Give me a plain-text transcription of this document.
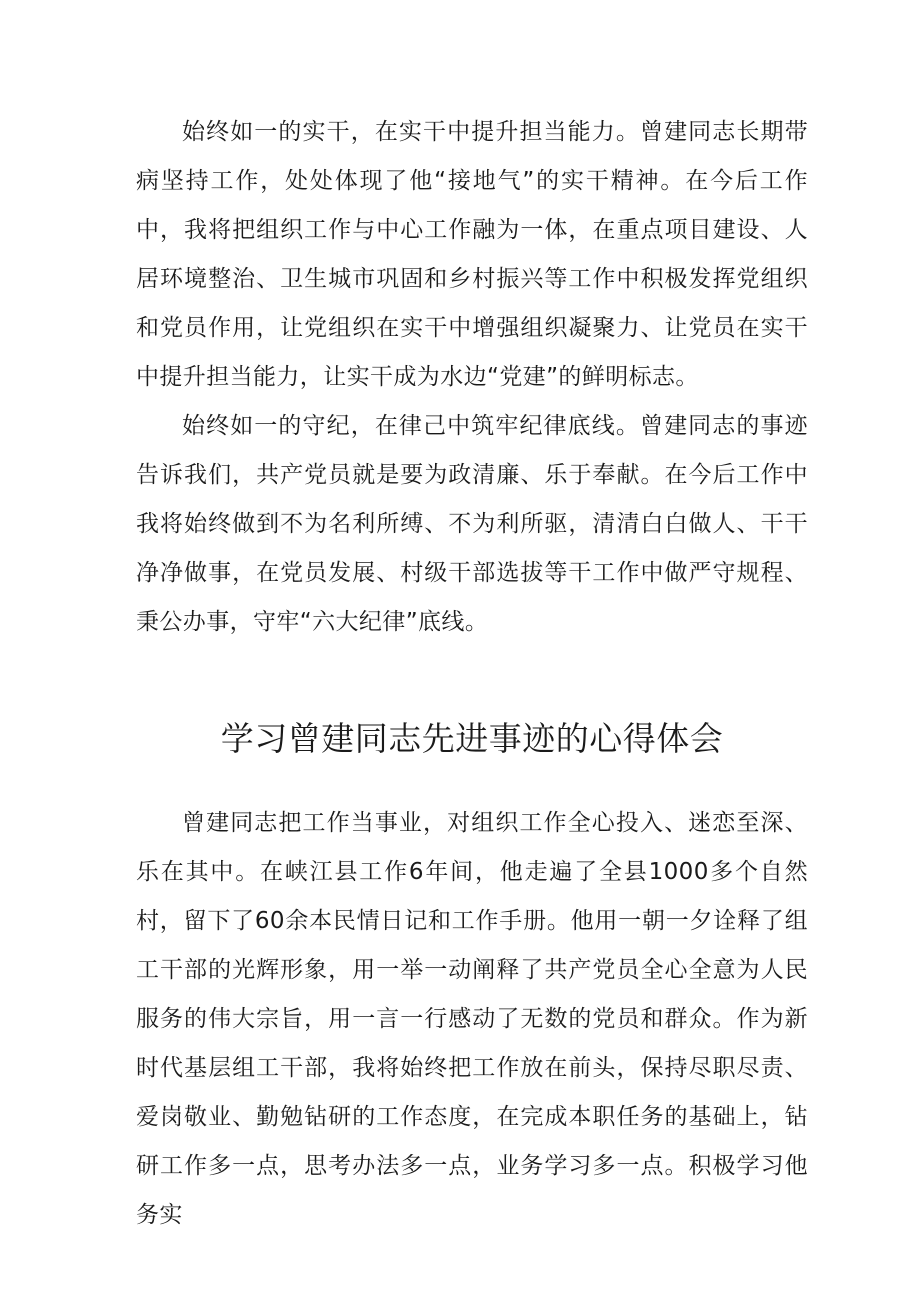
始终如一的实干，在实干中提升担当能力。曾建同志长期带病坚持工作，处处体现了他“接地气”的实干精神。在今后工作中，我将把组织工作与中心工作融为一体，在重点项目建设、人居环境整治、卫生城市巩固和乡村振兴等工作中积极发挥党组织和党员作用，让党组织在实干中增强组织凝聚力、让党员在实干中提升担当能力，让实干成为水边“党建”的鲜明标志。

始终如一的守纪，在律己中筑牢纪律底线。曾建同志的事迹告诉我们，共产党员就是要为政清廉、乐于奉献。在今后工作中我将始终做到不为名利所缚、不为利所驱，清清白白做人、干干净净做事，在党员发展、村级干部选拔等干工作中做严守规程、秉公办事，守牢“六大纪律”底线。

学习曾建同志先进事迹的心得体会

曾建同志把工作当事业，对组织工作全心投入、迷恋至深、乐在其中。在峡江县工作6年间，他走遍了全县1000多个自然村，留下了60余本民情日记和工作手册。他用一朝一夕诠释了组工干部的光辉形象，用一举一动阐释了共产党员全心全意为人民服务的伟大宗旨，用一言一行感动了无数的党员和群众。作为新时代基层组工干部，我将始终把工作放在前头，保持尽职尽责、爱岗敬业、勤勉钻研的工作态度，在完成本职任务的基础上，钻研工作多一点，思考办法多一点，业务学习多一点。积极学习他务实
